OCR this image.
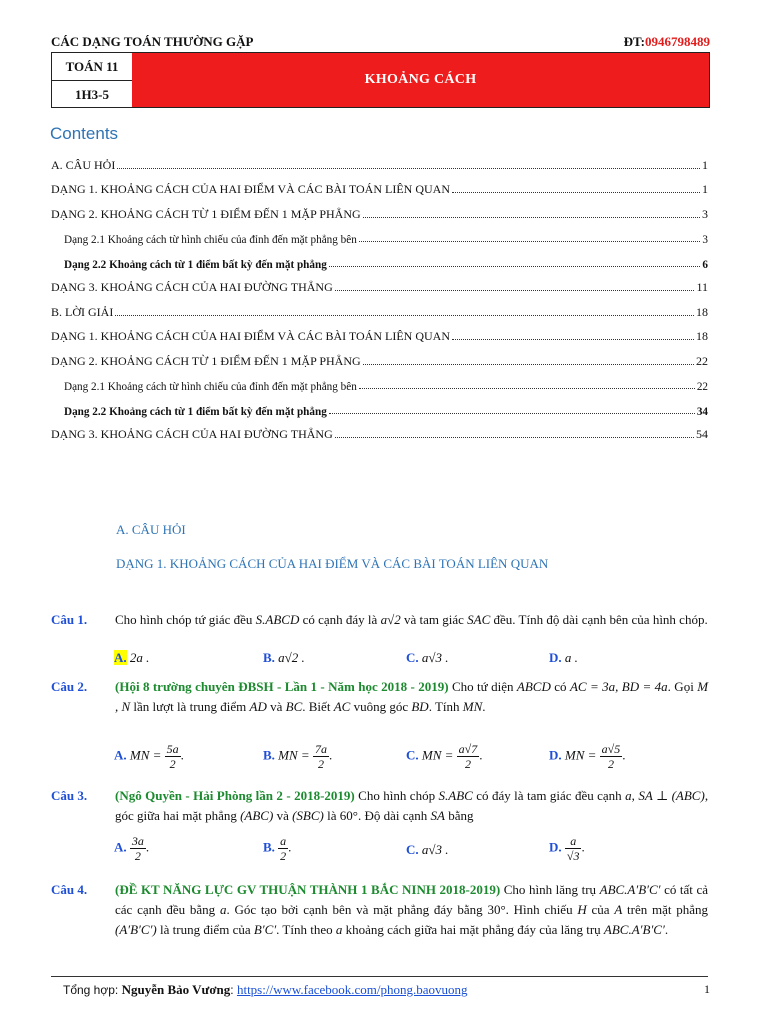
CÁC DẠNG TOÁN THƯỜNG GẶP	ĐT:0946798489
TOÁN 11
1H3-5
KHOẢNG CÁCH
Contents
A. CÂU HỎI	1
DẠNG 1. KHOẢNG CÁCH CỦA HAI ĐIỂM VÀ CÁC BÀI TOÁN LIÊN QUAN	1
DẠNG 2. KHOẢNG CÁCH TỪ 1 ĐIỂM ĐẾN 1 MẶP PHẲNG	3
Dạng 2.1 Khoảng cách từ hình chiếu của đỉnh đến mặt phẳng bên	3
Dạng 2.2 Khoảng cách từ 1 điểm bất kỳ đến mặt phẳng	6
DẠNG 3. KHOẢNG CÁCH CỦA HAI ĐƯỜNG THẲNG	11
B. LỜI GIẢI	18
DẠNG 1. KHOẢNG CÁCH CỦA HAI ĐIỂM VÀ CÁC BÀI TOÁN LIÊN QUAN	18
DẠNG 2. KHOẢNG CÁCH TỪ 1 ĐIỂM ĐẾN 1 MẶP PHẲNG	22
Dạng 2.1 Khoảng cách từ hình chiếu của đỉnh đến mặt phẳng bên	22
Dạng 2.2 Khoảng cách từ 1 điểm bất kỳ đến mặt phẳng	34
DẠNG 3. KHOẢNG CÁCH CỦA HAI ĐƯỜNG THẲNG	54
A. CÂU HỎI
DẠNG 1. KHOẢNG CÁCH CỦA HAI ĐIỂM VÀ CÁC BÀI TOÁN LIÊN QUAN
Câu 1. Cho hình chóp tứ giác đều S.ABCD có cạnh đáy là a√2 và tam giác SAC đều. Tính độ dài cạnh bên của hình chóp.
A. 2a .	B. a√2 .	C. a√3 .	D. a .
Câu 2. (Hội 8 trường chuyên ĐBSH - Lần 1 - Năm học 2018 - 2019) Cho tứ diện ABCD có AC = 3a, BD = 4a. Gọi M , N lần lượt là trung điểm AD và BC. Biết AC vuông góc BD. Tính MN.
A. MN = $\frac{5a}{2}$ .	B. MN = $\frac{7a}{2}$ .	C. MN = $\frac{a√7}{2}$ .	D. MN = $\frac{a√5}{2}$ .
Câu 3. (Ngô Quyền - Hải Phòng lần 2 - 2018-2019) Cho hình chóp S.ABC có đáy là tam giác đều cạnh a, SA ⊥ (ABC), góc giữa hai mặt phẳng (ABC) và (SBC) là 60°. Độ dài cạnh SA bằng
A. $\frac{3a}{2}$ .	B. $\frac{a}{2}$ .	C. a√3 .	D. $\frac{a}{√3}$ .
Câu 4. (ĐỀ KT NĂNG LỰC GV THUẬN THÀNH 1 BẮC NINH 2018-2019) Cho hình lăng trụ ABC.A′B′C′ có tất cả các cạnh đều bằng a. Góc tạo bởi cạnh bên và mặt phẳng đáy bằng 30°. Hình chiếu H của A trên mặt phẳng (A′B′C′) là trung điểm của B′C′. Tính theo a khoảng cách giữa hai mặt phẳng đáy của lăng trụ ABC.A′B′C′.
Tổng hợp: Nguyễn Bảo Vương: https://www.facebook.com/phong.baovuong	1
